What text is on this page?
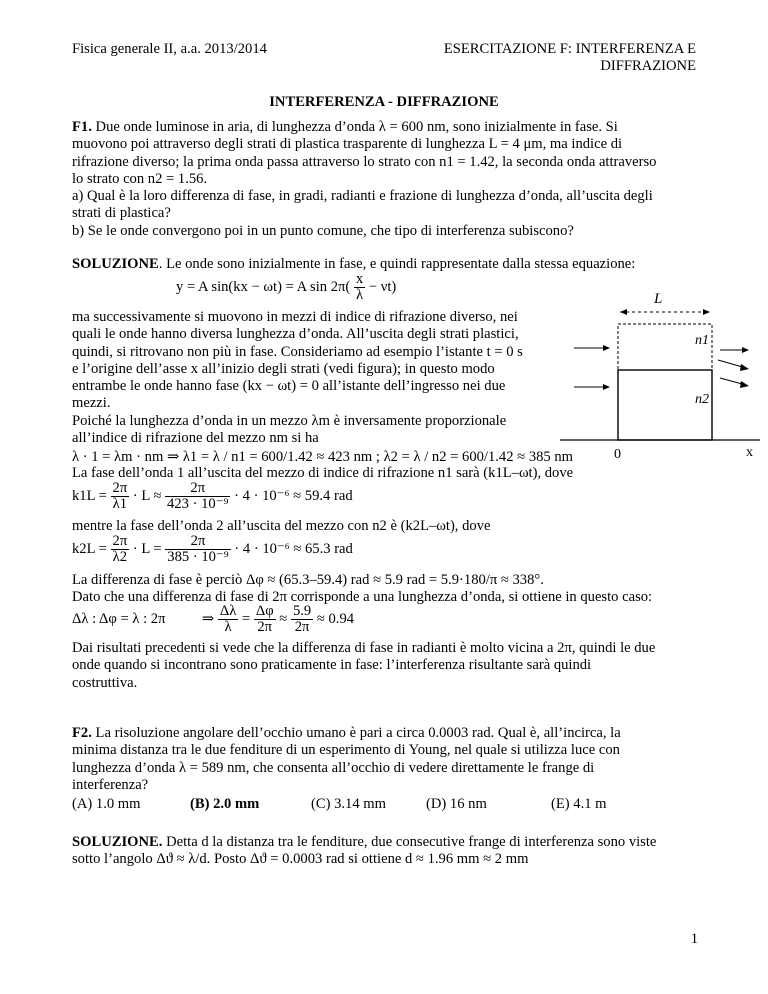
Fisica generale II, a.a. 2013/2014	ESERCITAZIONE F: INTERFERENZA E
DIFFRAZIONE
INTERFERENZA - DIFFRAZIONE
F1. Due onde luminose in aria, di lunghezza d’onda λ = 600 nm, sono inizialmente in fase. Si
muovono poi attraverso degli strati di plastica trasparente di lunghezza L = 4 μm, ma indice di
rifrazione diverso; la prima onda passa attraverso lo strato con n1 = 1.42, la seconda onda attraverso
lo strato con n2 = 1.56.
a) Qual è la loro differenza di fase, in gradi, radianti e frazione di lunghezza d’onda, all’uscita degli
strati di plastica?
b) Se le onde convergono poi in un punto comune, che tipo di interferenza subiscono?
SOLUZIONE. Le onde sono inizialmente in fase, e quindi rappresentate dalla stessa equazione:
y = A sin(kx − ωt) = A $\sin 2\pi( \frac{x}{\lambda} - \nu t)$
ma successivamente si muovono in mezzi di indice di rifrazione diverso, nei
quali le onde hanno diversa lunghezza d’onda. All’uscita degli strati plastici,
quindi, si ritrovano non più in fase. Consideriamo ad esempio l’istante t = 0 s
e l’origine dell’asse x all’inizio degli strati (vedi figura); in questo modo
entrambe le onde hanno fase (kx − ωt) = 0 all’istante dell’ingresso nei due
mezzi.
Poiché la lunghezza d’onda in un mezzo λm è inversamente proporzionale
all’indice di rifrazione del mezzo nm si ha
L
n1
n2
0	x
λ · 1 = λm · nm ⇒ λ1 = λ / n1 = 600/1.42 ≈ 423 nm ; λ2 = λ / n2 = 600/1.42 ≈ 385 nm
La fase dell’onda 1 all’uscita del mezzo di indice di rifrazione n1 sarà (k1L–ωt), dove
$k1L = \frac{2\pi}{\lambda 1} \cdot L \approx \frac{2\pi}{\text{423 · 10⁻⁹}} \cdot 4 \cdot 10^{-6} \approx 59.4$ rad
mentre la fase dell’onda 2 all’uscita del mezzo con n2 è (k2L–ωt), dove
$k2L = \frac{2\pi}{\lambda 2} \cdot L = \frac{2\pi}{\text{385 · 10⁻⁹}} \cdot 4 \cdot 10^{-6} \approx 65.3$ rad
La differenza di fase è perciò Δφ ≈ (65.3–59.4) rad ≈ 5.9 rad = 5.9·180/π ≈ 338°.
Dato che una differenza di fase di 2π corrisponde a una lunghezza d’onda, si ottiene in questo caso:
Δλ : Δφ = λ : 2π          ⇒ $\frac{\Delta\lambda}{\lambda} = \frac{\Delta\varphi}{2\pi} \approx \frac{5.9}{2\pi} \approx 0.94$
Dai risultati precedenti si vede che la differenza di fase in radianti è molto vicina a 2π, quindi le due
onde quando si incontrano sono praticamente in fase: l’interferenza risultante sarà quindi
costruttiva.
F2. La risoluzione angolare dell’occhio umano è pari a circa 0.0003 rad. Qual è, all’incirca, la
minima distanza tra le due fenditure di un esperimento di Young, nel quale si utilizza luce con
lunghezza d’onda λ = 589 nm, che consenta all’occhio di vedere direttamente le frange di
interferenza?
(A) 1.0 mm	(B) 2.0 mm	(C) 3.14 mm	(D) 16 nm	(E) 4.1 m
SOLUZIONE. Detta d la distanza tra le fenditure, due consecutive frange di interferenza sono viste
sotto l’angolo Δϑ ≈ λ/d. Posto Δϑ = 0.0003 rad si ottiene d ≈ 1.96 mm ≈ 2 mm
1
